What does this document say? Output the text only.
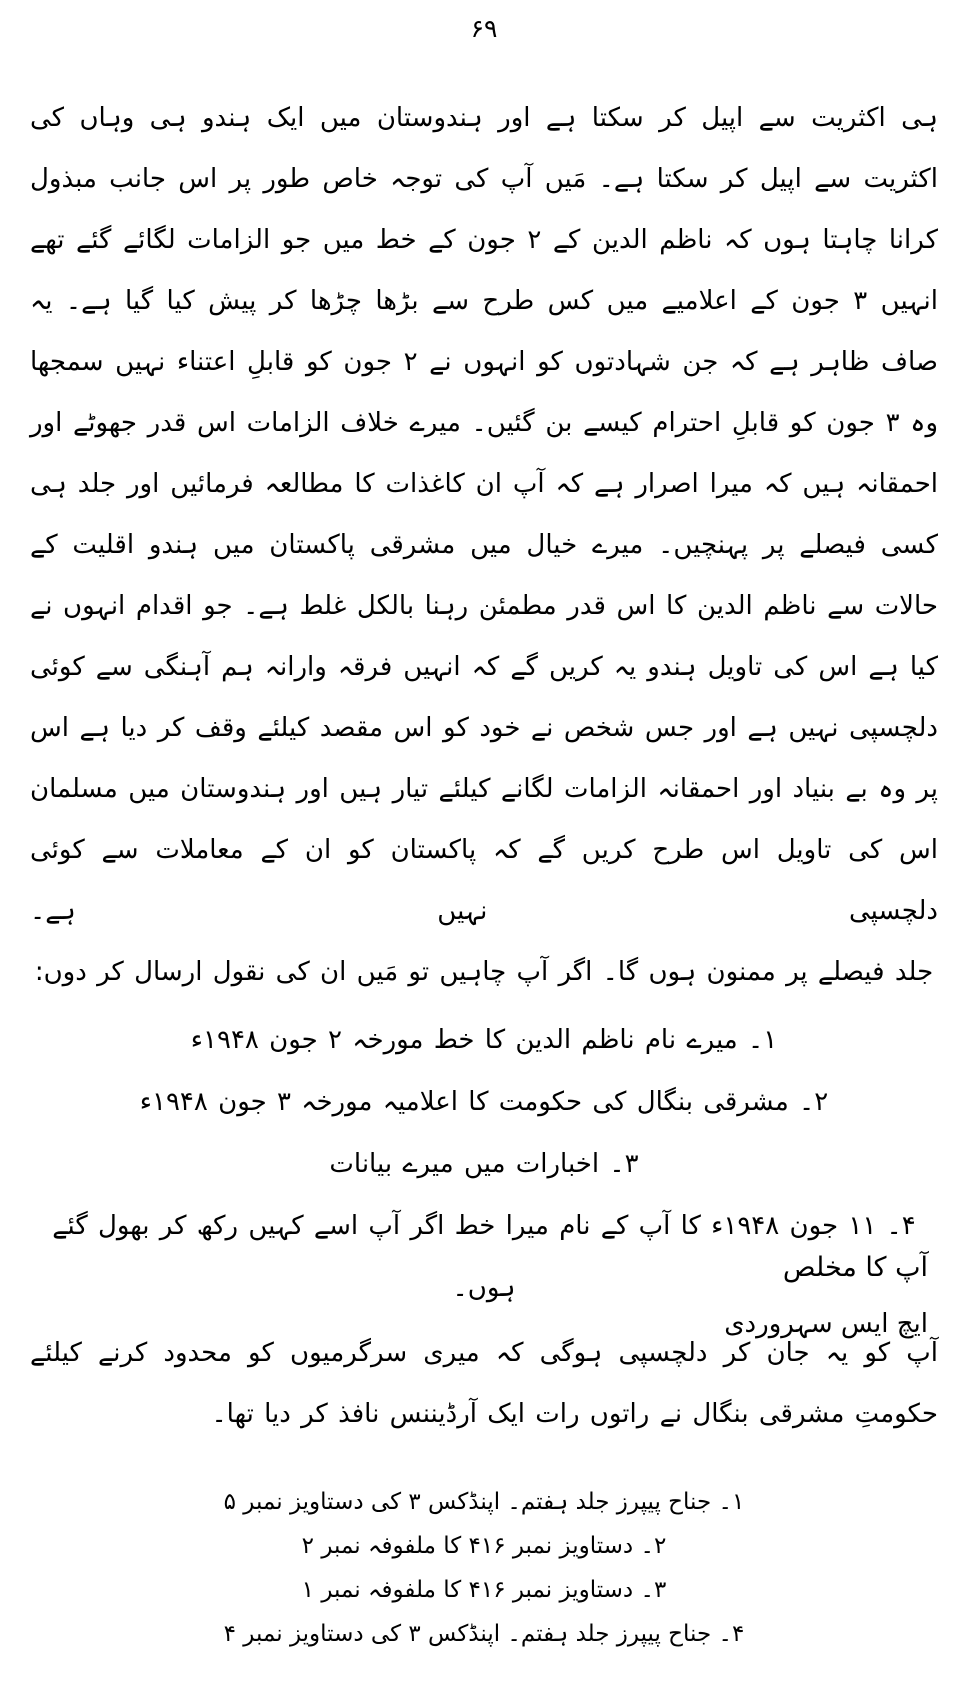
۶۹

ہی اکثریت سے اپیل کر سکتا ہے اور ہندوستان میں ایک ہندو ہی وہاں کی اکثریت سے اپیل کر سکتا ہے۔ مَیں آپ کی توجہ خاص طور پر اس جانب مبذول کرانا چاہتا ہوں کہ ناظم الدین کے ۲ جون کے خط میں جو الزامات لگائے گئے تھے انہیں ۳ جون کے اعلامیے میں کس طرح سے بڑھا چڑھا کر پیش کیا گیا ہے۔ یہ صاف ظاہر ہے کہ جن شہادتوں کو انہوں نے ۲ جون کو قابلِ اعتناء نہیں سمجھا وہ ۳ جون کو قابلِ احترام کیسے بن گئیں۔ میرے خلاف الزامات اس قدر جھوٹے اور احمقانہ ہیں کہ میرا اصرار ہے کہ آپ ان کاغذات کا مطالعہ فرمائیں اور جلد ہی کسی فیصلے پر پہنچیں۔ میرے خیال میں مشرقی پاکستان میں ہندو اقلیت کے حالات سے ناظم الدین کا اس قدر مطمئن رہنا بالکل غلط ہے۔ جو اقدام انہوں نے کیا ہے اس کی تاویل ہندو یہ کریں گے کہ انہیں فرقہ وارانہ ہم آہنگی سے کوئی دلچسپی نہیں ہے اور جس شخص نے خود کو اس مقصد کیلئے وقف کر دیا ہے اس پر وہ بے بنیاد اور احمقانہ الزامات لگانے کیلئے تیار ہیں اور ہندوستان میں مسلمان اس کی تاویل اس طرح کریں گے کہ پاکستان کو ان کے معاملات سے کوئی دلچسپی نہیں ہے۔

جلد فیصلے پر ممنون ہوں گا۔ اگر آپ چاہیں تو مَیں ان کی نقول ارسال کر دوں:

۱۔ میرے نام ناظم الدین کا خط مورخہ ۲ جون ۱۹۴۸ء
۲۔ مشرقی بنگال کی حکومت کا اعلامیہ مورخہ ۳ جون ۱۹۴۸ء
۳۔ اخبارات میں میرے بیانات
۴۔ ۱۱ جون ۱۹۴۸ء کا آپ کے نام میرا خط اگر آپ اسے کہیں رکھ کر بھول گئے ہوں۔

آپ کو یہ جان کر دلچسپی ہوگی کہ میری سرگرمیوں کو محدود کرنے کیلئے حکومتِ مشرقی بنگال نے راتوں رات ایک آرڈیننس نافذ کر دیا تھا۔

آپ کا مخلص
ایچ ایس سہروردی
۱۔ جناح پیپرز جلد ہفتم۔ اپنڈکس ۳ کی دستاویز نمبر ۵
۲۔ دستاویز نمبر ۴۱۶ کا ملفوفہ نمبر ۲
۳۔ دستاویز نمبر ۴۱۶ کا ملفوفہ نمبر ۱
۴۔ جناح پیپرز جلد ہفتم۔ اپنڈکس ۳ کی دستاویز نمبر ۴
